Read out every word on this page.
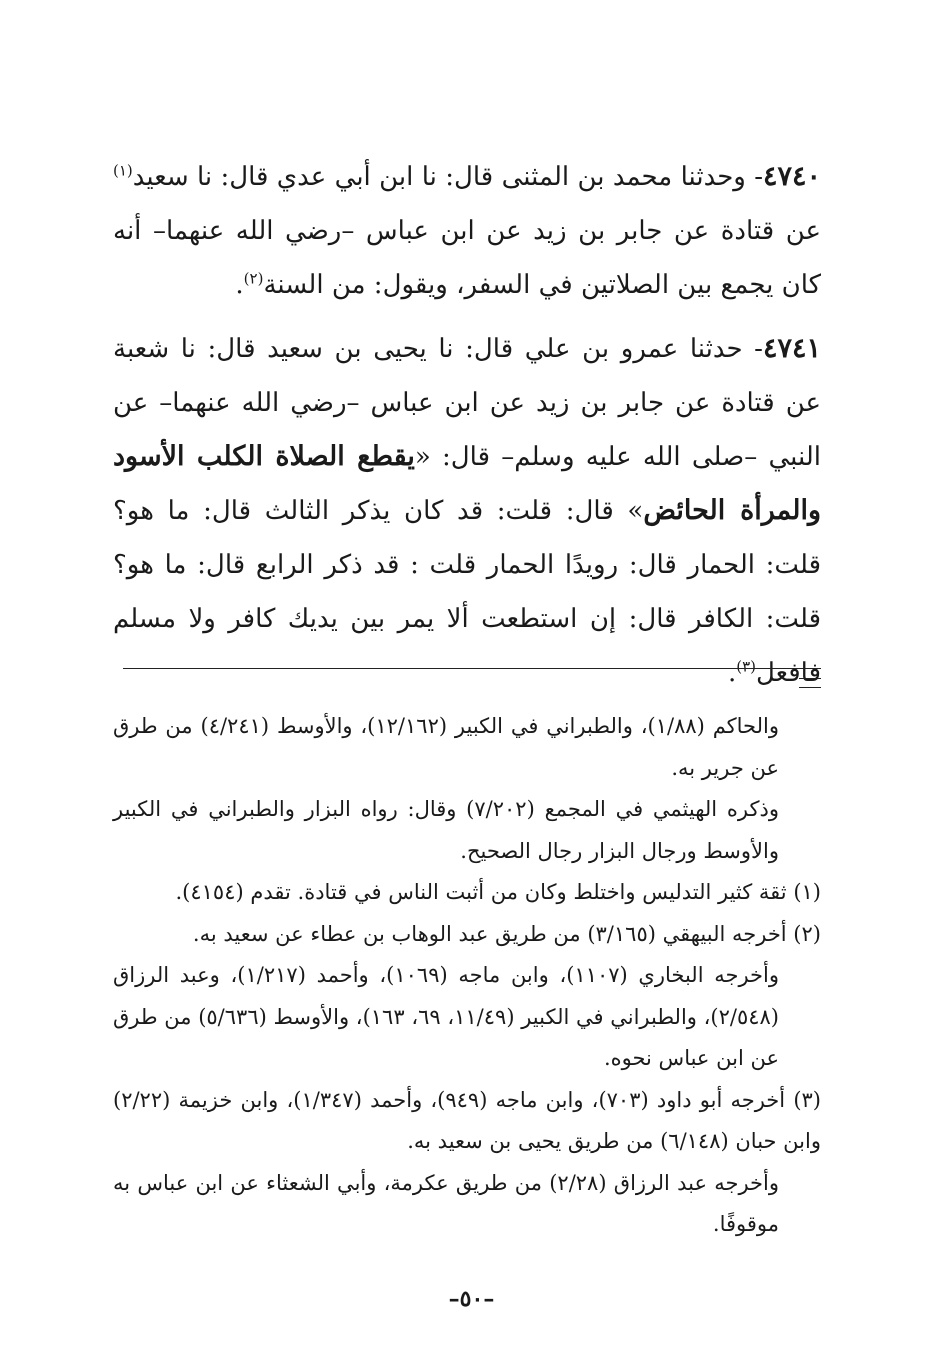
٤٧٤٠- وحدثنا محمد بن المثنى قال: نا ابن أبي عدي قال: نا سعيد$^{(١)}$ عن قتادة عن جابر بن زيد عن ابن عباس –رضي الله عنهما– أنه كان يجمع بين الصلاتين في السفر، ويقول: من السنة$^{(٢)}$.

٤٧٤١- حدثنا عمرو بن علي قال: نا يحيى بن سعيد قال: نا شعبة عن قتادة عن جابر بن زيد عن ابن عباس –رضي الله عنهما– عن النبي –صلى الله عليه وسلم– قال: «يقطع الصلاة الكلب الأسود والمرأة الحائض» قال: قلت: قد كان يذكر الثالث قال: ما هو؟ قلت: الحمار قال: رويدًا الحمار قلت : قد ذكر الرابع قال: ما هو؟ قلت: الكافر قال: إن استطعت ألا يمر بين يديك كافر ولا مسلم فافعل$^{(٣)}$.

والحاكم (١/٨٨)، والطبراني في الكبير (١٢/١٦٢)، والأوسط (٤/٢٤١) من طرق عن جرير به.

وذكره الهيثمي في المجمع (٧/٢٠٢) وقال: رواه البزار والطبراني في الكبير والأوسط ورجال البزار رجال الصحيح.

(١) ثقة كثير التدليس واختلط وكان من أثبت الناس في قتادة. تقدم (٤١٥٤).

(٢) أخرجه البيهقي (٣/١٦٥) من طريق عبد الوهاب بن عطاء عن سعيد به.

وأخرجه البخاري (١١٠٧)، وابن ماجه (١٠٦٩)، وأحمد (١/٢١٧)، وعبد الرزاق (٢/٥٤٨)، والطبراني في الكبير (١١/٤٩، ٦٩، ١٦٣)، والأوسط (٥/٦٣٦) من طرق عن ابن عباس نحوه.

(٣) أخرجه أبو داود (٧٠٣)، وابن ماجه (٩٤٩)، وأحمد (١/٣٤٧)، وابن خزيمة (٢/٢٢) وابن حبان (٦/١٤٨) من طريق يحيى بن سعيد به.

وأخرجه عبد الرزاق (٢/٢٨) من طريق عكرمة، وأبي الشعثاء عن ابن عباس به موقوفًا.

–٥٠–
